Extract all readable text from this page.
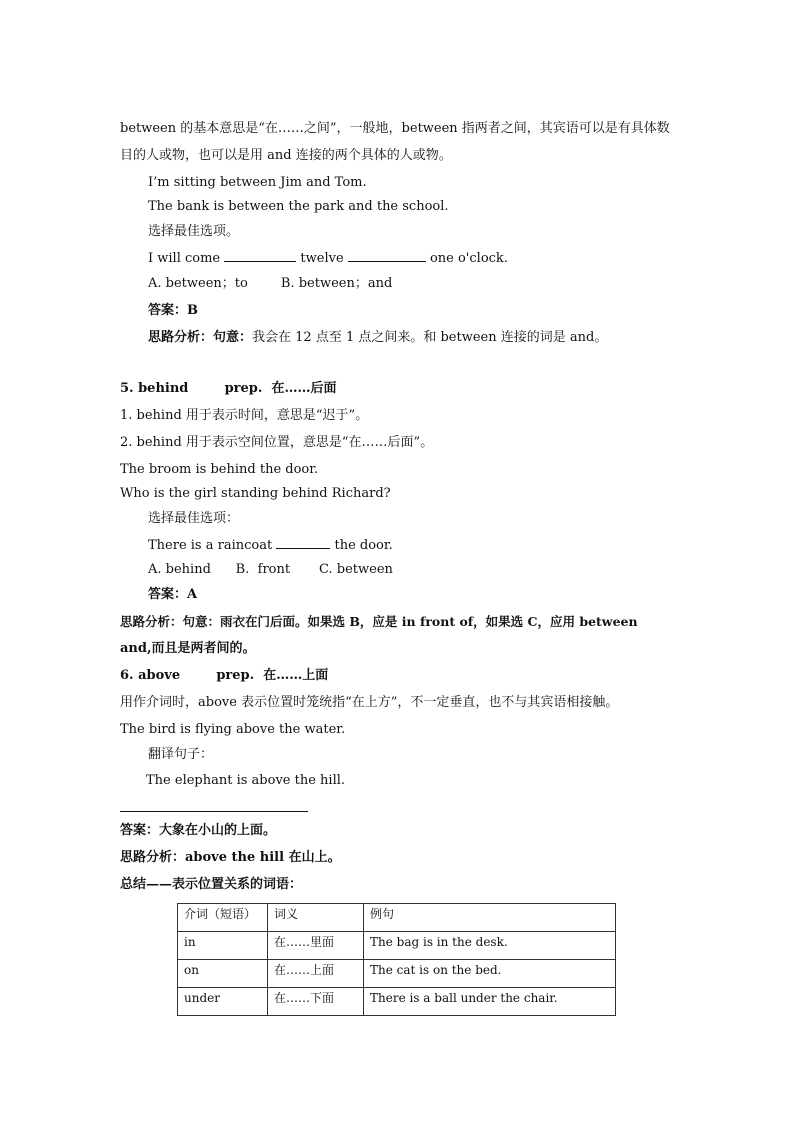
between 的基本意思是“在……之间”，一般地，between 指两者之间，其宾语可以是有具体数
目的人或物，也可以是用 and 连接的两个具体的人或物。
I’m sitting between Jim and Tom.
The bank is between the park and the school.
选择最佳选项。
I will come	twelve	one o'clock.
A. between；to        B. between；and
答案：B
思路分析：句意：我会在 12 点至 1 点之间来。和 between 连接的词是 and。
5. behind        prep.  在……后面
1. behind 用于表示时间，意思是“迟于”。
2. behind 用于表示空间位置，意思是“在……后面”。
The broom is behind the door.
Who is the girl standing behind Richard?
选择最佳选项：
There is a raincoat	the door.
A. behind      B.  front       C. between
答案：A
思路分析：句意：雨衣在门后面。如果选 B，应是 in front of，如果选 C，应用 between
and,而且是两者间的。
6. above        prep.  在……上面
用作介词时，above 表示位置时笼统指“在上方”，不一定垂直，也不与其宾语相接触。
The bird is flying above the water.
翻译句子：
The elephant is above the hill.
答案：大象在小山的上面。
思路分析：above the hill 在山上。
总结——表示位置关系的词语：
介词（短语）	词义	例句
in	在……里面	The bag is in the desk.
on	在……上面	The cat is on the bed.
under	在……下面	There is a ball under the chair.
